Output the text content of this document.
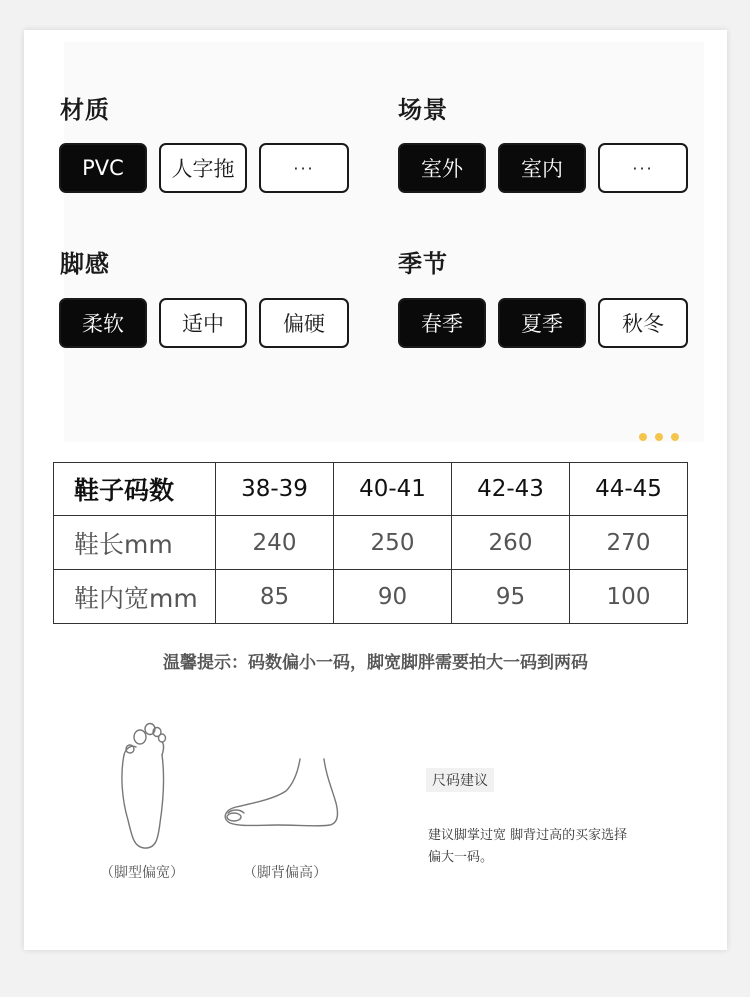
材质
PVC	人字拖	···
场景
室外	室内	···
脚感
柔软	适中	偏硬
季节
春季	夏季	秋冬
鞋子码数	38-39	40-41	42-43	44-45
鞋长mm	240	250	260	270
鞋内宽mm	85	90	95	100
温馨提示：码数偏小一码，脚宽脚胖需要拍大一码到两码
（脚型偏宽）	（脚背偏高）
尺码建议
建议脚掌过宽 脚背过高的买家选择
偏大一码。
